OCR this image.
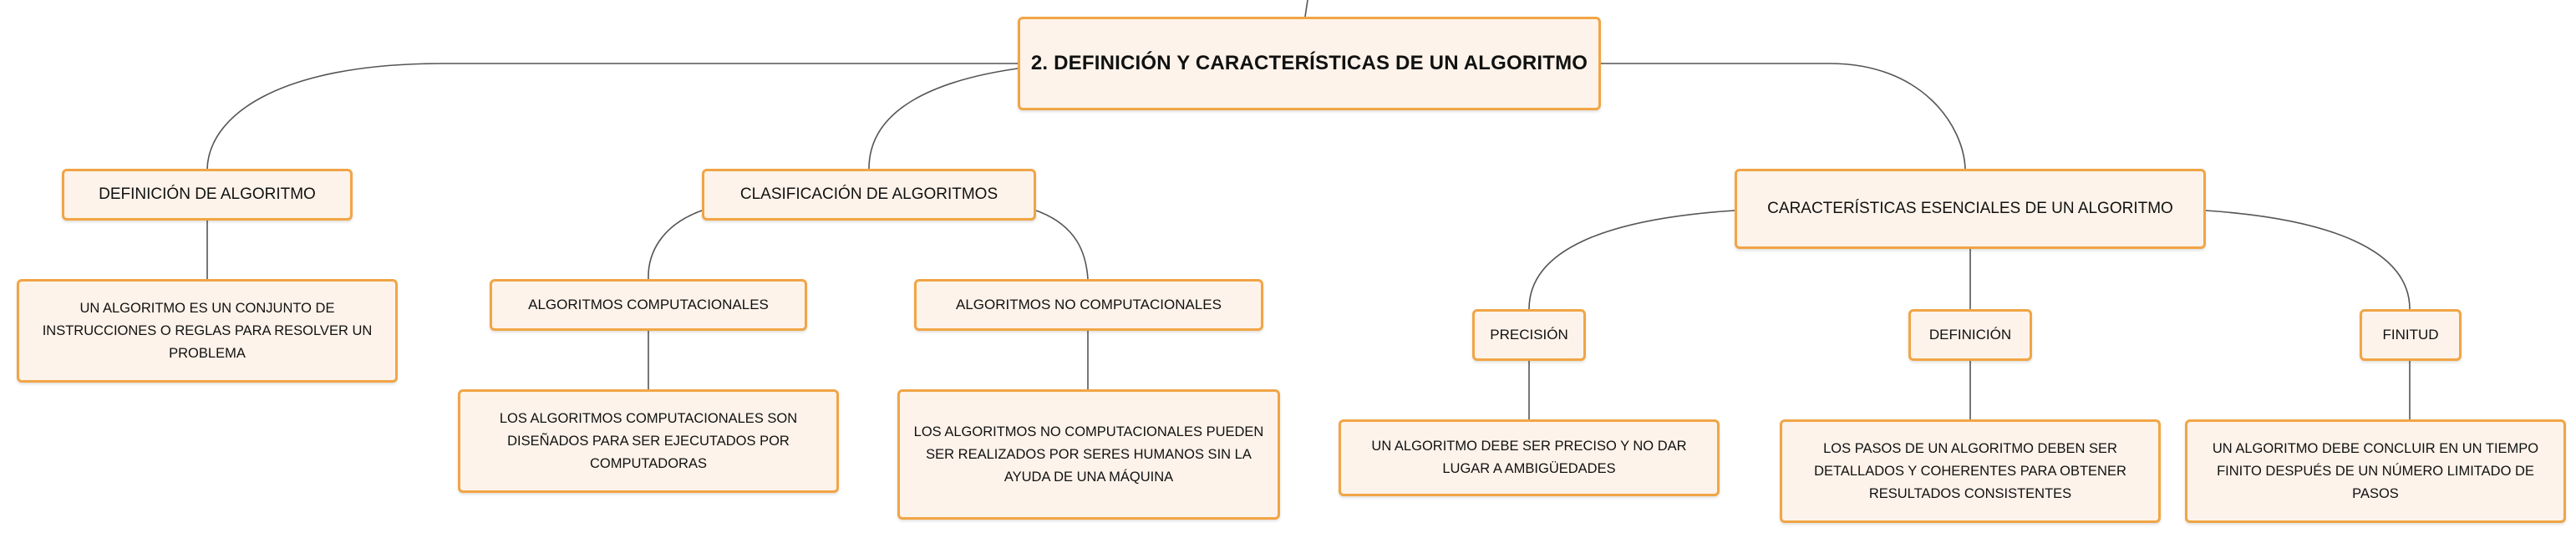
2. DEFINICIÓN Y CARACTERÍSTICAS DE UN ALGORITMO
DEFINICIÓN DE ALGORITMO
UN ALGORITMO ES UN CONJUNTO DE INSTRUCCIONES O REGLAS PARA RESOLVER UN PROBLEMA
CLASIFICACIÓN DE ALGORITMOS
ALGORITMOS COMPUTACIONALES
LOS ALGORITMOS COMPUTACIONALES SON DISEÑADOS PARA SER EJECUTADOS POR COMPUTADORAS
ALGORITMOS NO COMPUTACIONALES
LOS ALGORITMOS NO COMPUTACIONALES PUEDEN SER REALIZADOS POR SERES HUMANOS SIN LA AYUDA DE UNA MÁQUINA
CARACTERÍSTICAS ESENCIALES DE UN ALGORITMO
PRECISIÓN
UN ALGORITMO DEBE SER PRECISO Y NO DAR LUGAR A AMBIGÜEDADES
DEFINICIÓN
LOS PASOS DE UN ALGORITMO DEBEN SER DETALLADOS Y COHERENTES PARA OBTENER RESULTADOS CONSISTENTES
FINITUD
UN ALGORITMO DEBE CONCLUIR EN UN TIEMPO FINITO DESPUÉS DE UN NÚMERO LIMITADO DE PASOS
